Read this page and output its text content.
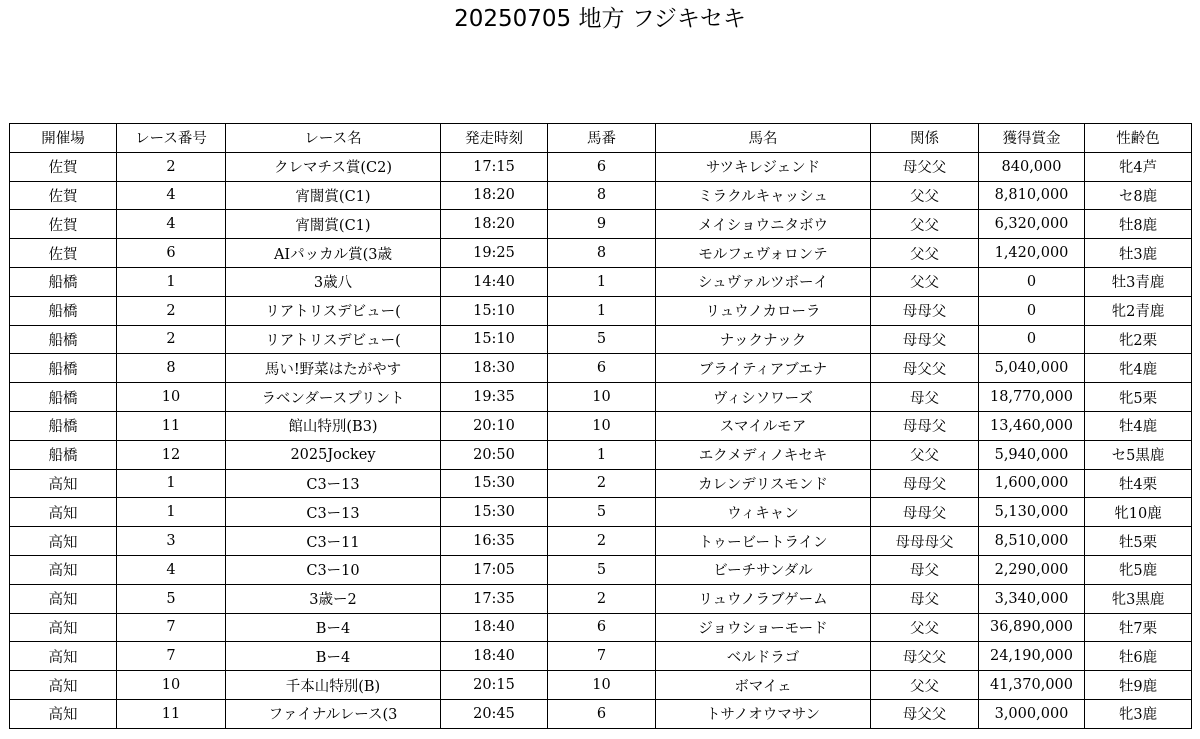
20250705 地方 フジキセキ
開催場	レース番号	レース名	発走時刻	馬番	馬名	関係	獲得賞金	性齢色
佐賀	2	クレマチス賞(C2)	17:15	6	サツキレジェンド	母父父	840,000	牝4芦
佐賀	4	宵闇賞(C1)	18:20	8	ミラクルキャッシュ	父父	8,810,000	セ8鹿
佐賀	4	宵闇賞(C1)	18:20	9	メイショウニタボウ	父父	6,320,000	牡8鹿
佐賀	6	AIパッカル賞(3歳	19:25	8	モルフェヴォロンテ	父父	1,420,000	牡3鹿
船橋	1	3歳八	14:40	1	シュヴァルツボーイ	父父	0	牡3青鹿
船橋	2	リアトリスデビュー(	15:10	1	リュウノカローラ	母母父	0	牝2青鹿
船橋	2	リアトリスデビュー(	15:10	5	ナックナック	母母父	0	牝2栗
船橋	8	馬い!野菜はたがやす	18:30	6	ブライティアブエナ	母父父	5,040,000	牝4鹿
船橋	10	ラベンダースプリント	19:35	10	ヴィシソワーズ	母父	18,770,000	牝5栗
船橋	11	館山特別(B3)	20:10	10	スマイルモア	母母父	13,460,000	牡4鹿
船橋	12	2025Jockey	20:50	1	エクメディノキセキ	父父	5,940,000	セ5黒鹿
高知	1	C3ー13	15:30	2	カレンデリスモンド	母母父	1,600,000	牡4栗
高知	1	C3ー13	15:30	5	ウィキャン	母母父	5,130,000	牝10鹿
高知	3	C3ー11	16:35	2	トゥービートライン	母母母父	8,510,000	牡5栗
高知	4	C3ー10	17:05	5	ビーチサンダル	母父	2,290,000	牝5鹿
高知	5	3歳ー2	17:35	2	リュウノラブゲーム	母父	3,340,000	牝3黒鹿
高知	7	Bー4	18:40	6	ジョウショーモード	父父	36,890,000	牡7栗
高知	7	Bー4	18:40	7	ベルドラゴ	母父父	24,190,000	牡6鹿
高知	10	千本山特別(B)	20:15	10	ボマイェ	父父	41,370,000	牡9鹿
高知	11	ファイナルレース(3	20:45	6	トサノオウマサン	母父父	3,000,000	牝3鹿
